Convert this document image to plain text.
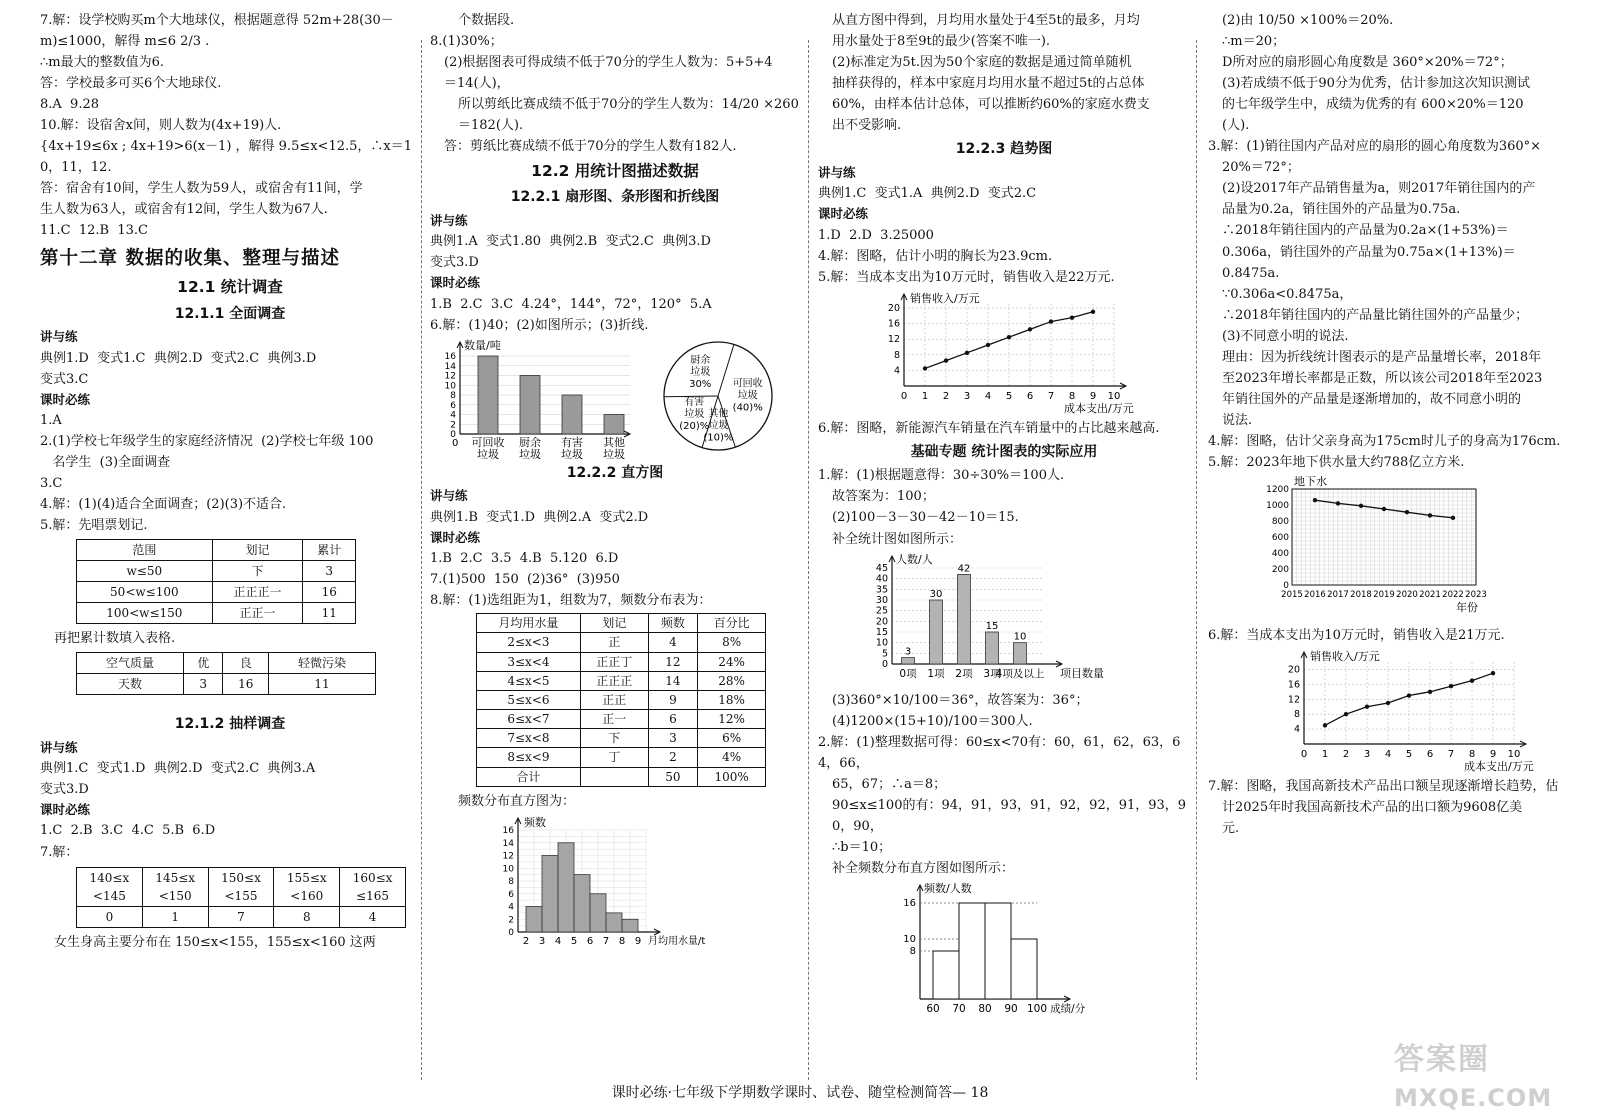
7.解：设学校购买m个大地球仪，根据题意得 52m+28(30－

m)≤1000，解得 m≤6 2/3 .

∴m最大的整数值为6.

答：学校最多可买6个大地球仪.

8.A  9.28

10.解：设宿舍x间，则人数为(4x+19)人.

{4x+19≤6x ; 4x+19>6(x－1) ，解得 9.5≤x<12.5，∴x＝10，11，12.

答：宿舍有10间，学生人数为59人，或宿舍有11间，学

生人数为63人，或宿舍有12间，学生人数为67人.

11.C  12.B  13.C

第十二章 数据的收集、整理与描述

12.1 统计调查

12.1.1 全面调查

讲与练

典例1.D  变式1.C  典例2.D  变式2.C  典例3.D

变式3.C

课时必练

1.A

2.(1)学校七年级学生的家庭经济情况  (2)学校七年级 100

名学生  (3)全面调查

3.C

4.解：(1)(4)适合全面调查；(2)(3)不适合.

5.解：先唱票划记.

范围	划记	累计
w≤50	下	3
50<w≤100	正正正一	16
100<w≤150	正正一	11

再把累计数填入表格.

空气质量	优	良	轻微污染
天数	3	16	11

12.1.2 抽样调查

讲与练

典例1.C  变式1.D  典例2.D  变式2.C  典例3.A

变式3.D

课时必练

1.C  2.B  3.C  4.C  5.B  6.D

7.解：

140≤x
<145	145≤x
<150	150≤x
<155	155≤x
<160	160≤x
≤165
0	1	7	8	4

女生身高主要分布在 150≤x<155，155≤x<160 这两

个数据段.

8.(1)30%；

(2)根据图表可得成绩不低于70分的学生人数为：5+5+4

＝14(人)，

所以剪纸比赛成绩不低于70分的学生人数为：14/20 ×260

＝182(人).

答：剪纸比赛成绩不低于70分的学生人数有182人.

12.2 用统计图描述数据

12.2.1 扇形图、条形图和折线图

讲与练

典例1.A  变式1.80  典例2.B  变式2.C  典例3.D

变式3.D

课时必练

1.B  2.C  3.C  4.24°，144°，72°，120°  5.A

6.解：(1)40；(2)如图所示；(3)折线.

0
2
4
6
8
10
12
14
16
数量/吨
可回收
垃圾
厨余
垃圾
有害
垃圾
其他
垃圾
0
可回收
垃圾
(40)%
其他
垃圾
(10)%
有害
垃圾
(20)%
厨余
垃圾
30%

12.2.2 直方图

讲与练

典例1.B  变式1.D  典例2.A  变式2.D

课时必练

1.B  2.C  3.5  4.B  5.120  6.D

7.(1)500  150  (2)36°  (3)950

8.解：(1)选组距为1，组数为7，频数分布表为：

月均用水量	划记	频数	百分比
2≤x<3	正	4	8%
3≤x<4	正正丁	12	24%
4≤x<5	正正正	14	28%
5≤x<6	正正	9	18%
6≤x<7	正一	6	12%
7≤x<8	下	3	6%
8≤x<9	丁	2	4%
合计		50	100%

频数分布直方图为：

0
2
4
6
8
10
12
14
16
频数
2 3 4 5 6 7 8 9 月均用水量/t

从直方图中得到，月均用水量处于4至5t的最多，月均

用水量处于8至9t的最少(答案不唯一).

(2)标准定为5t.因为50个家庭的数据是通过简单随机

抽样获得的，样本中家庭月均用水量不超过5t的占总体

60%，由样本估计总体，可以推断约60%的家庭水费支

出不受影响.

12.2.3 趋势图

讲与练

典例1.C  变式1.A  典例2.D  变式2.C

课时必练

1.D  2.D  3.25000

4.解：图略，估计小明的胸长为23.9cm.

5.解：当成本支出为10万元时，销售收入是22万元.

4
8
12
16
20
0 1 2 3 4 5 6 7 8 9 10
销售收入/万元
成本支出/万元

6.解：图略，新能源汽车销量在汽车销量中的占比越来越高.

基础专题 统计图表的实际应用

1.解：(1)根据题意得：30÷30%＝100人.

故答案为：100；

(2)100－3－30－42－10＝15.

补全统计图如图所示：

0
5
10
15
20
25
30
35
40
45
人数/人
3
0项
30
1项
42
2项
15
3项
10
4项及以上 项目数量

(3)360°×10/100＝36°，故答案为：36°；

(4)1200×(15+10)/100＝300人.

2.解：(1)整理数据可得：60≤x<70有：60，61，62，63，64，66，

65，67；∴a＝8；

90≤x≤100的有：94，91，93，91，92，92，91，93，90，90，

∴b＝10；

补全频数分布直方图如图所示：

8
10
16
频数/人数
60 70 80 90 100 成绩/分

(2)由 10/50 ×100%＝20%.

∴m＝20；

D所对应的扇形圆心角度数是 360°×20%＝72°；

(3)若成绩不低于90分为优秀，估计参加这次知识测试

的七年级学生中，成绩为优秀的有 600×20%＝120

(人).

3.解：(1)销往国内产品对应的扇形的圆心角度数为360°×

20%＝72°；

(2)设2017年产品销售量为a，则2017年销往国内的产

品量为0.2a，销往国外的产品量为0.75a.

∴2018年销往国内的产品量为0.2a×(1+53%)＝

0.306a，销往国外的产品量为0.75a×(1+13%)＝

0.8475a.

∵0.306a<0.8475a，

∴2018年销往国内的产品量比销往国外的产品量少；

(3)不同意小明的说法.

理由：因为折线统计图表示的是产品量增长率，2018年

至2023年增长率都是正数，所以该公司2018年至2023

年销往国外的产品量是逐渐增加的，故不同意小明的

说法.

4.解：图略，估计父亲身高为175cm时儿子的身高为176cm.

5.解：2023年地下供水量大约788亿立方米.

0
200
400
600
800
1000
1200
2015 2016 2017 2018 2019 2020 2021 2022 2023
地下水
年份

6.解：当成本支出为10万元时，销售收入是21万元.

4
8
12
16
20
0 1 2 3 4 5 6 7 8 9 10
销售收入/万元
成本支出/万元

7.解：图略，我国高新技术产品出口额呈现逐渐增长趋势，估

计2025年时我国高新技术产品的出口额为9608亿美

元.

课时必练·七年级下学期数学课时、试卷、随堂检测简答— 18
答案圈
MXQE.COM
